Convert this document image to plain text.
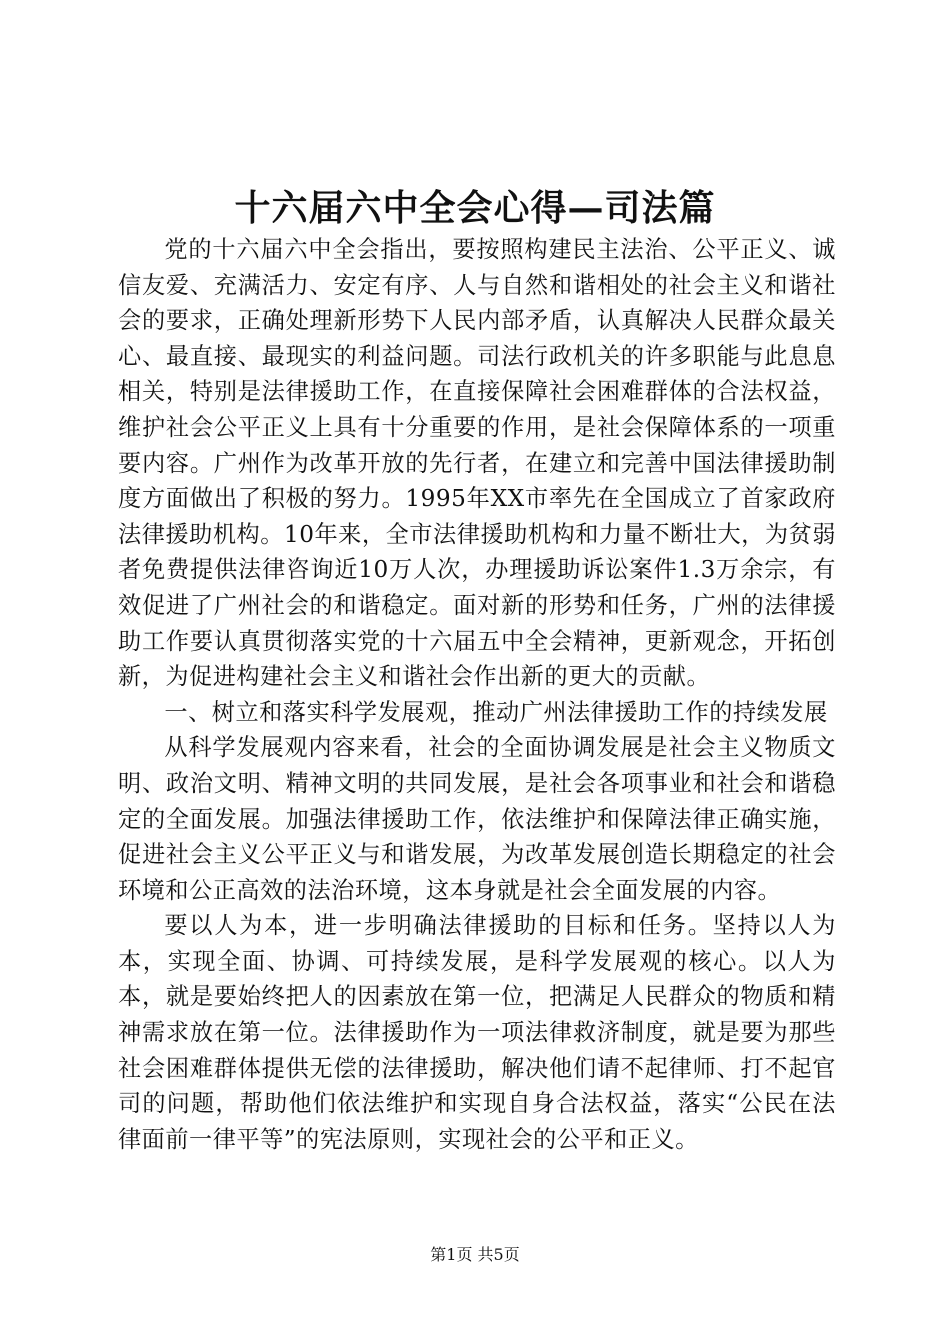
十六届六中全会心得—司法篇

党的十六届六中全会指出，要按照构建民主法治、公平正义、诚信友爱、充满活力、安定有序、人与自然和谐相处的社会主义和谐社会的要求，正确处理新形势下人民内部矛盾，认真解决人民群众最关心、最直接、最现实的利益问题。司法行政机关的许多职能与此息息相关，特别是法律援助工作，在直接保障社会困难群体的合法权益，维护社会公平正义上具有十分重要的作用，是社会保障体系的一项重要内容。广州作为改革开放的先行者，在建立和完善中国法律援助制度方面做出了积极的努力。1995年XX市率先在全国成立了首家政府法律援助机构。10年来，全市法律援助机构和力量不断壮大，为贫弱者免费提供法律咨询近10万人次，办理援助诉讼案件1.3万余宗，有效促进了广州社会的和谐稳定。面对新的形势和任务，广州的法律援助工作要认真贯彻落实党的十六届五中全会精神，更新观念，开拓创新，为促进构建社会主义和谐社会作出新的更大的贡献。

一、树立和落实科学发展观，推动广州法律援助工作的持续发展

从科学发展观内容来看，社会的全面协调发展是社会主义物质文明、政治文明、精神文明的共同发展，是社会各项事业和社会和谐稳定的全面发展。加强法律援助工作，依法维护和保障法律正确实施，促进社会主义公平正义与和谐发展，为改革发展创造长期稳定的社会环境和公正高效的法治环境，这本身就是社会全面发展的内容。

要以人为本，进一步明确法律援助的目标和任务。坚持以人为本，实现全面、协调、可持续发展，是科学发展观的核心。以人为本，就是要始终把人的因素放在第一位，把满足人民群众的物质和精神需求放在第一位。法律援助作为一项法律救济制度，就是要为那些社会困难群体提供无偿的法律援助，解决他们请不起律师、打不起官司的问题，帮助他们依法维护和实现自身合法权益，落实“公民在法律面前一律平等”的宪法原则，实现社会的公平和正义。

第1页 共5页
